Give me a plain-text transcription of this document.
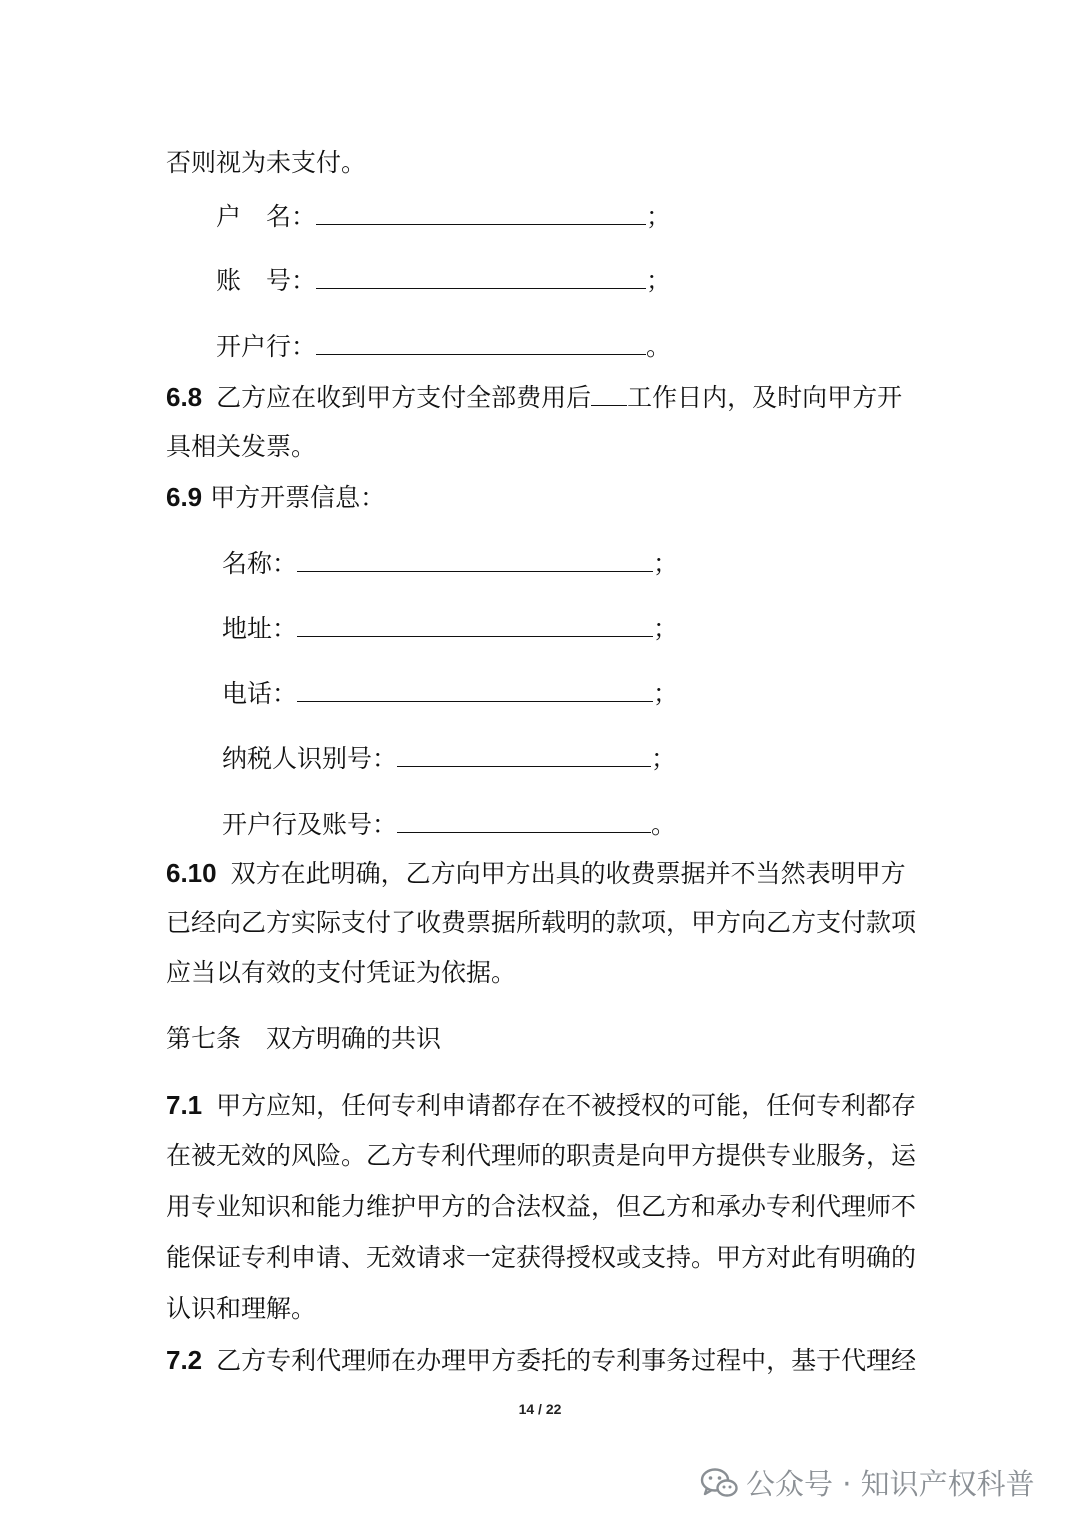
否则视为未支付。
户　名：	；
账　号：	；
开户行：	。
6.8 乙方应在收到甲方支付全部费用后 工作日内，及时向甲方开
具相关发票。
6.9 甲方开票信息：
名称：	；
地址：	；
电话：	；
纳税人识别号：	；
开户行及账号：	。
6.10 双方在此明确，乙方向甲方出具的收费票据并不当然表明甲方
已经向乙方实际支付了收费票据所载明的款项，甲方向乙方支付款项
应当以有效的支付凭证为依据。
第七条　双方明确的共识
7.1 甲方应知，任何专利申请都存在不被授权的可能，任何专利都存
在被无效的风险。乙方专利代理师的职责是向甲方提供专业服务，运
用专业知识和能力维护甲方的合法权益，但乙方和承办专利代理师不
能保证专利申请、无效请求一定获得授权或支持。甲方对此有明确的
认识和理解。
7.2 乙方专利代理师在办理甲方委托的专利事务过程中，基于代理经
14 / 22
公众号 · 知识产权科普
